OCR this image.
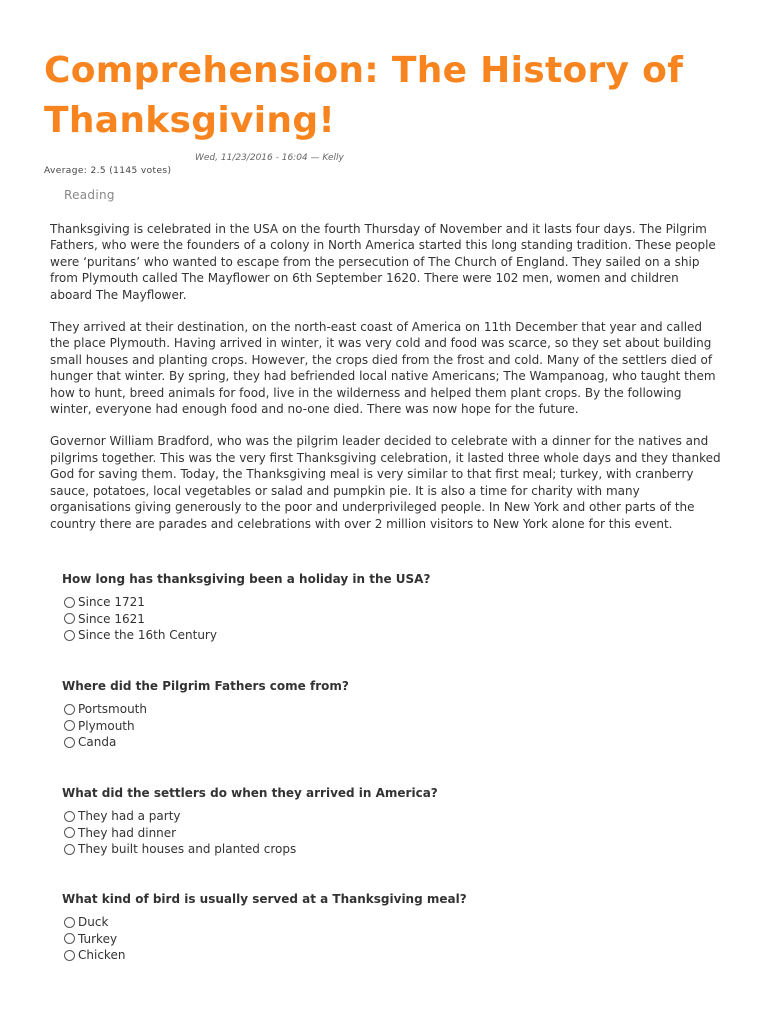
Comprehension: The History of Thanksgiving!
Wed, 11/23/2016 - 16:04 — Kelly
Average: 2.5 (1145 votes)
Reading

Thanksgiving is celebrated in the USA on the fourth Thursday of November and it lasts four days. The Pilgrim Fathers, who were the founders of a colony in North America started this long standing tradition. These people were ‘puritans’ who wanted to escape from the persecution of The Church of England. They sailed on a ship from Plymouth called The Mayflower on 6th September 1620. There were 102 men, women and children aboard The Mayflower.

They arrived at their destination, on the north-east coast of America on 11th December that year and called the place Plymouth. Having arrived in winter, it was very cold and food was scarce, so they set about building small houses and planting crops. However, the crops died from the frost and cold. Many of the settlers died of hunger that winter. By spring, they had befriended local native Americans; The Wampanoag, who taught them how to hunt, breed animals for food, live in the wilderness and helped them plant crops. By the following winter, everyone had enough food and no-one died. There was now hope for the future.

Governor William Bradford, who was the pilgrim leader decided to celebrate with a dinner for the natives and pilgrims together. This was the very first Thanksgiving celebration, it lasted three whole days and they thanked God for saving them. Today, the Thanksgiving meal is very similar to that first meal; turkey, with cranberry sauce, potatoes, local vegetables or salad and pumpkin pie. It is also a time for charity with many organisations giving generously to the poor and underprivileged people. In New York and other parts of the country there are parades and celebrations with over 2 million visitors to New York alone for this event.

How long has thanksgiving been a holiday in the USA?
Since 1721
Since 1621
Since the 16th Century
Where did the Pilgrim Fathers come from?
Portsmouth
Plymouth
Canda
What did the settlers do when they arrived in America?
They had a party
They had dinner
They built houses and planted crops
What kind of bird is usually served at a Thanksgiving meal?
Duck
Turkey
Chicken
